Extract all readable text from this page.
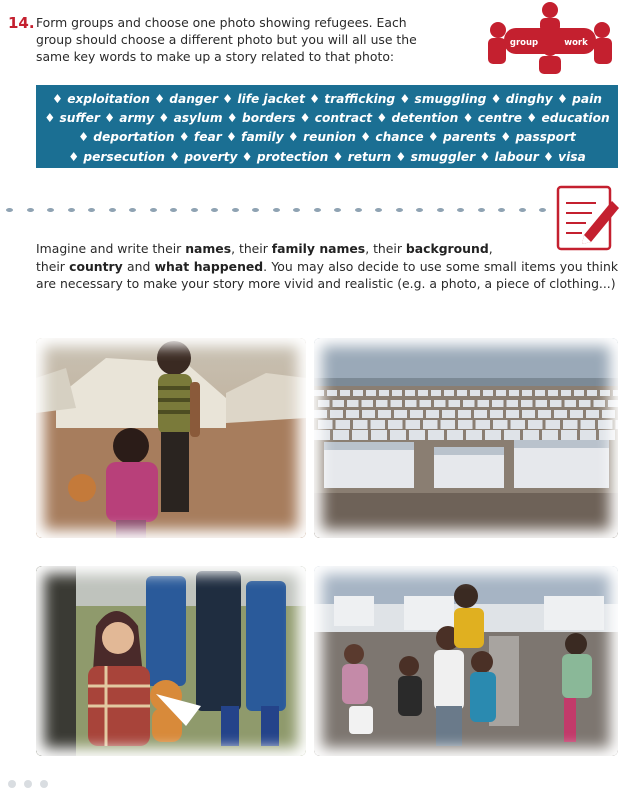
14. Form groups and choose one photo showing refugees. Each
group should choose a different photo but you will all use the
same key words to make up a story related to that photo:
group	work
♦ exploitation ♦ danger ♦ life jacket ♦ trafficking ♦ smuggling ♦ dinghy ♦ pain
♦ suffer ♦ army ♦ asylum ♦ borders ♦ contract ♦ detention ♦ centre ♦ education
♦ deportation ♦ fear ♦ family ♦ reunion ♦ chance ♦ parents ♦ passport
♦ persecution ♦ poverty ♦ protection ♦ return ♦ smuggler ♦ labour ♦ visa
Imagine and write their names, their family names, their background,
their country and what happened. You may also decide to use some small items you think are necessary to make your story more vivid and realistic (e.g. a photo, a piece of clothing...)
